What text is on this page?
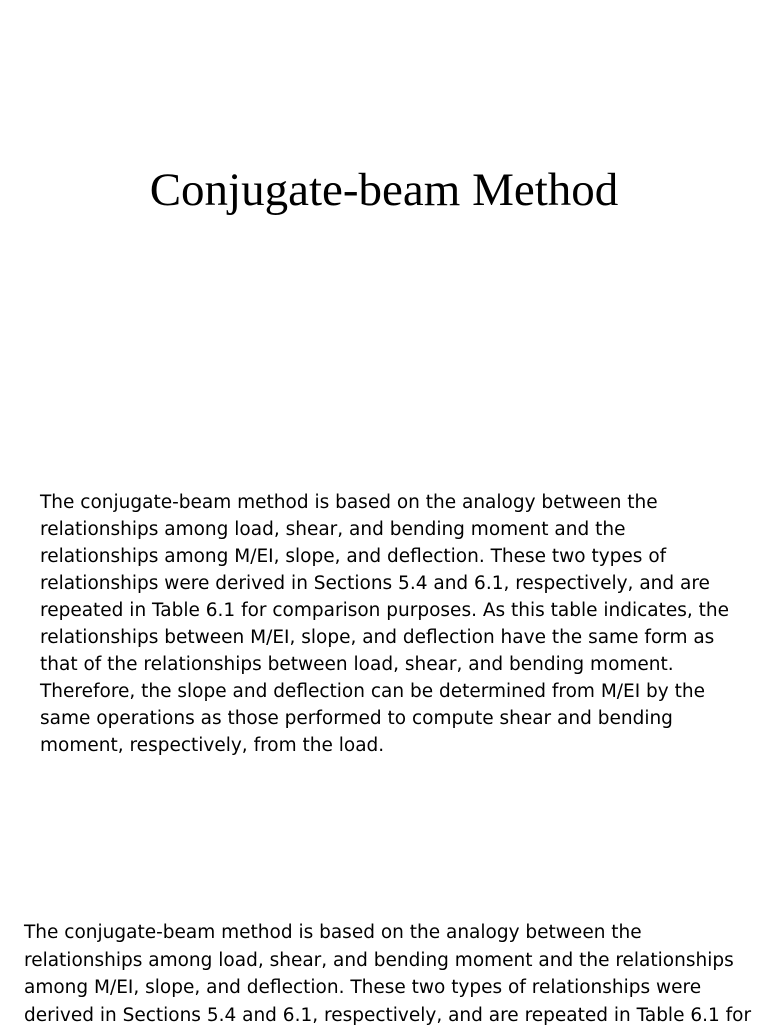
Conjugate-beam Method
The conjugate-beam method is based on the analogy between the
relationships among load, shear, and bending moment and the
relationships among M/EI, slope, and deflection. These two types of
relationships were derived in Sections 5.4 and 6.1, respectively, and are
repeated in Table 6.1 for comparison purposes. As this table indicates, the
relationships between M/EI, slope, and deflection have the same form as
that of the relationships between load, shear, and bending moment.
Therefore, the slope and deflection can be determined from M/EI by the
same operations as those performed to compute shear and bending
moment, respectively, from the load.
The conjugate-beam method is based on the analogy between the
relationships among load, shear, and bending moment and the relationships
among M/EI, slope, and deflection. These two types of relationships were
derived in Sections 5.4 and 6.1, respectively, and are repeated in Table 6.1 for
